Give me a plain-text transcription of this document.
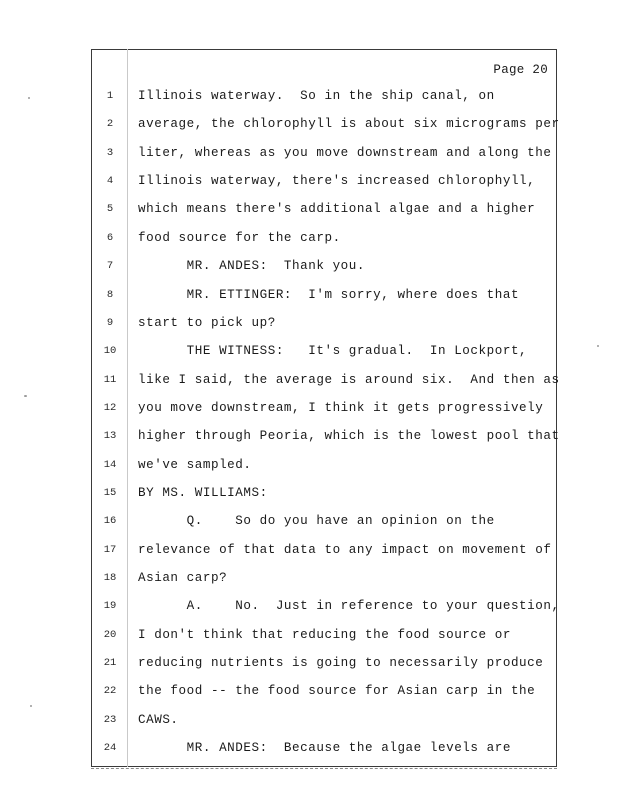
Page 20
1	Illinois waterway.  So in the ship canal, on
2	average, the chlorophyll is about six micrograms per
3	liter, whereas as you move downstream and along the
4	Illinois waterway, there's increased chlorophyll,
5	which means there's additional algae and a higher
6	food source for the carp.
7	MR. ANDES:  Thank you.
8	MR. ETTINGER:  I'm sorry, where does that
9	start to pick up?
10 THE WITNESS:   It's gradual.  In Lockport,
11 like I said, the average is around six.  And then as
12 you move downstream, I think it gets progressively
13 higher through Peoria, which is the lowest pool that
14 we've sampled.
15 BY MS. WILLIAMS:
16 Q.    So do you have an opinion on the
17 relevance of that data to any impact on movement of
18 Asian carp?
19 A.    No.  Just in reference to your question,
20 I don't think that reducing the food source or
21 reducing nutrients is going to necessarily produce
22 the food -- the food source for Asian carp in the
23 CAWS.
24 MR. ANDES:  Because the algae levels are
